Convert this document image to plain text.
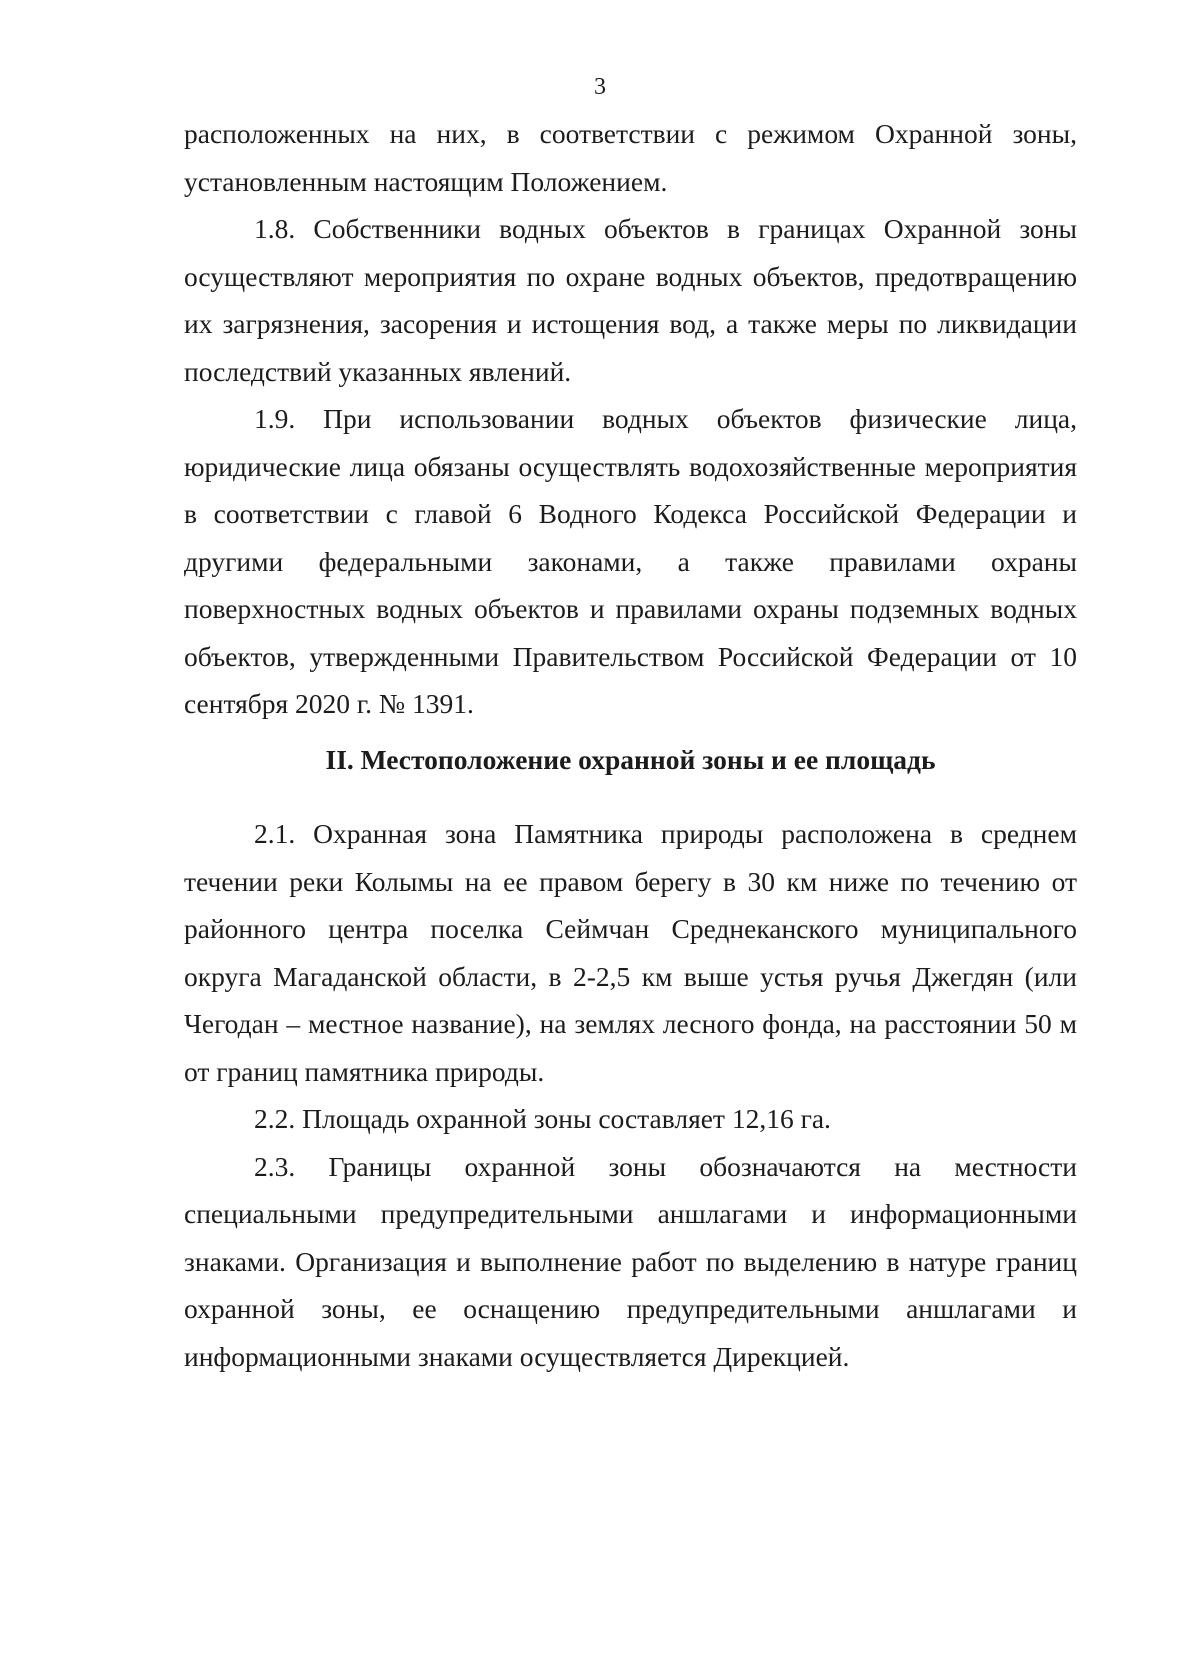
3

расположенных на них, в соответствии с режимом Охранной зоны, установленным настоящим Положением.

1.8. Собственники водных объектов в границах Охранной зоны осуществляют мероприятия по охране водных объектов, предотвращению их загрязнения, засорения и истощения вод, а также меры по ликвидации последствий указанных явлений.

1.9. При использовании водных объектов физические лица, юридические лица обязаны осуществлять водохозяйственные мероприятия в соответствии с главой 6 Водного Кодекса Российской Федерации и другими федеральными законами, а также правилами охраны поверхностных водных объектов и правилами охраны подземных водных объектов, утвержденными Правительством Российской Федерации от 10 сентября 2020 г. № 1391.

II. Местоположение охранной зоны и ее площадь

2.1. Охранная зона Памятника природы расположена в среднем течении реки Колымы на ее правом берегу в 30 км ниже по течению от районного центра поселка Сеймчан Среднеканского муниципального округа Магаданской области, в 2-2,5 км выше устья ручья Джегдян (или Чегодан – местное название), на землях лесного фонда, на расстоянии 50 м от границ памятника природы.

2.2. Площадь охранной зоны составляет 12,16 га.

2.3. Границы охранной зоны обозначаются на местности специальными предупредительными аншлагами и информационными знаками. Организация и выполнение работ по выделению в натуре границ охранной зоны, ее оснащению предупредительными аншлагами и информационными знаками осуществляется Дирекцией.
